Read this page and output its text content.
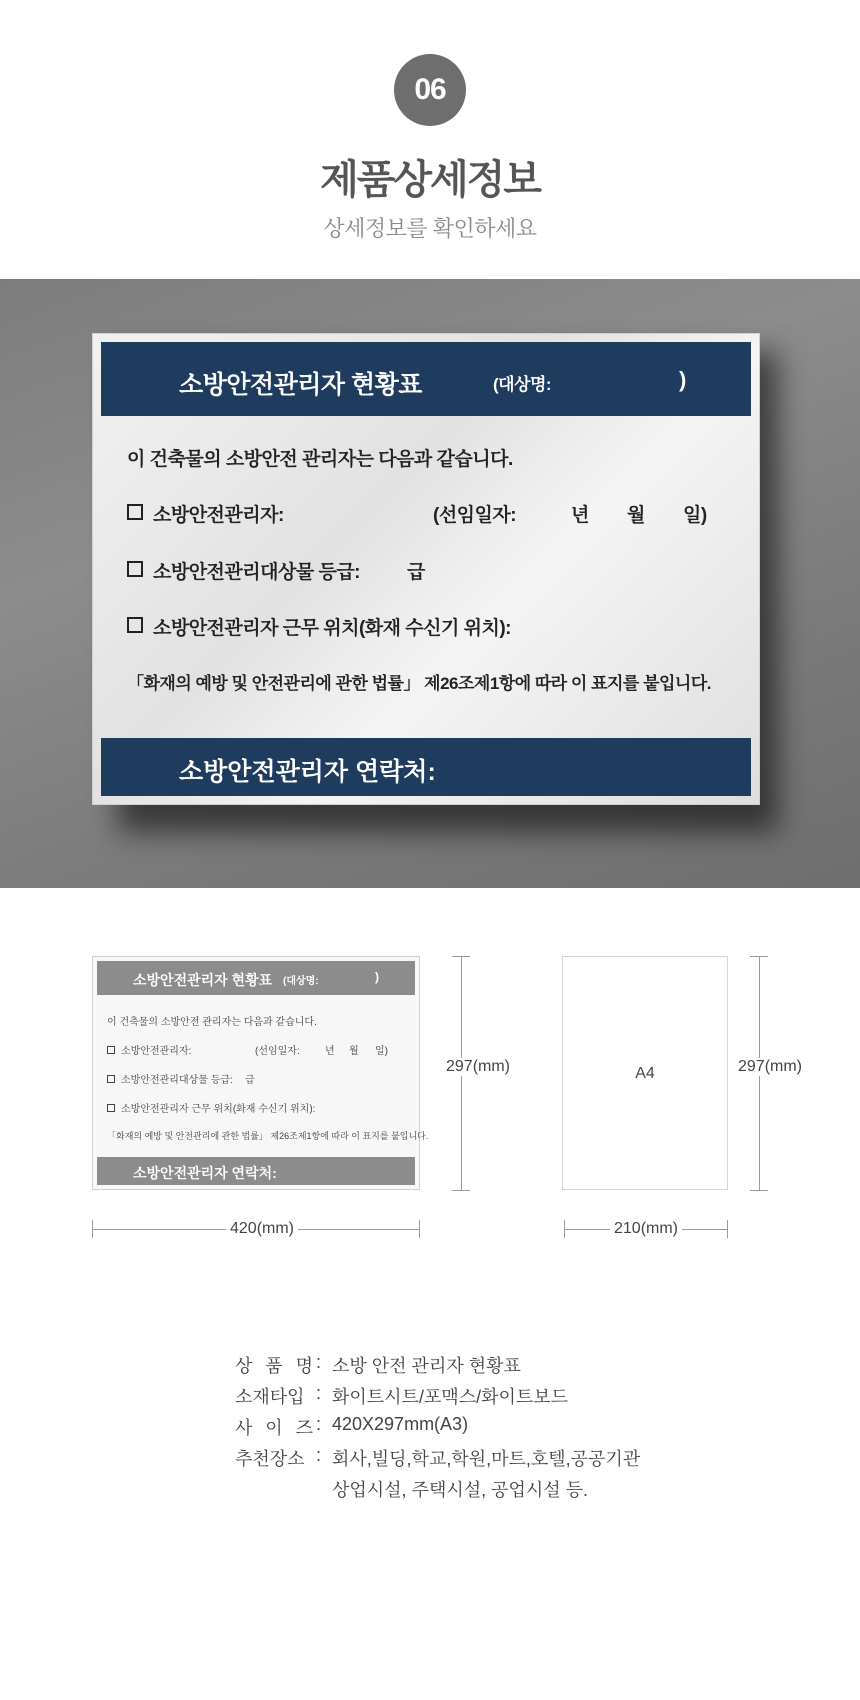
06
제품상세정보
상세정보를 확인하세요
소방안전관리자 현황표	(대상명:	)
이 건축물의 소방안전 관리자는 다음과 같습니다.
소방안전관리자:	(선임일자:	년 월 일)
소방안전관리대상물 등급: 급
소방안전관리자 근무 위치(화재 수신기 위치):
「화재의 예방 및 안전관리에 관한 법률」 제26조제1항에 따라 이 표지를 붙입니다.
소방안전관리자 연락처:
소방안전관리자 현황표 (대상명:	)
이 건축물의 소방안전 관리자는 다음과 같습니다.
소방안전관리자:	(선임일자:	년 월 일)
소방안전관리대상물 등급: 급
소방안전관리자 근무 위치(화재 수신기 위치):
「화재의 예방 및 안전관리에 관한 법률」 제26조제1항에 따라 이 표지를 붙입니다.
소방안전관리자 연락처:
297(mm)
420(mm)
A4	297(mm)
210(mm)
상 품 명 : 소방 안전 관리자 현황표
소재타입 : 화이트시트/포맥스/화이트보드
사 이 즈 : 420X297mm(A3)
추천장소 : 회사,빌딩,학교,학원,마트,호텔,공공기관
상업시설, 주택시설, 공업시설 등.
